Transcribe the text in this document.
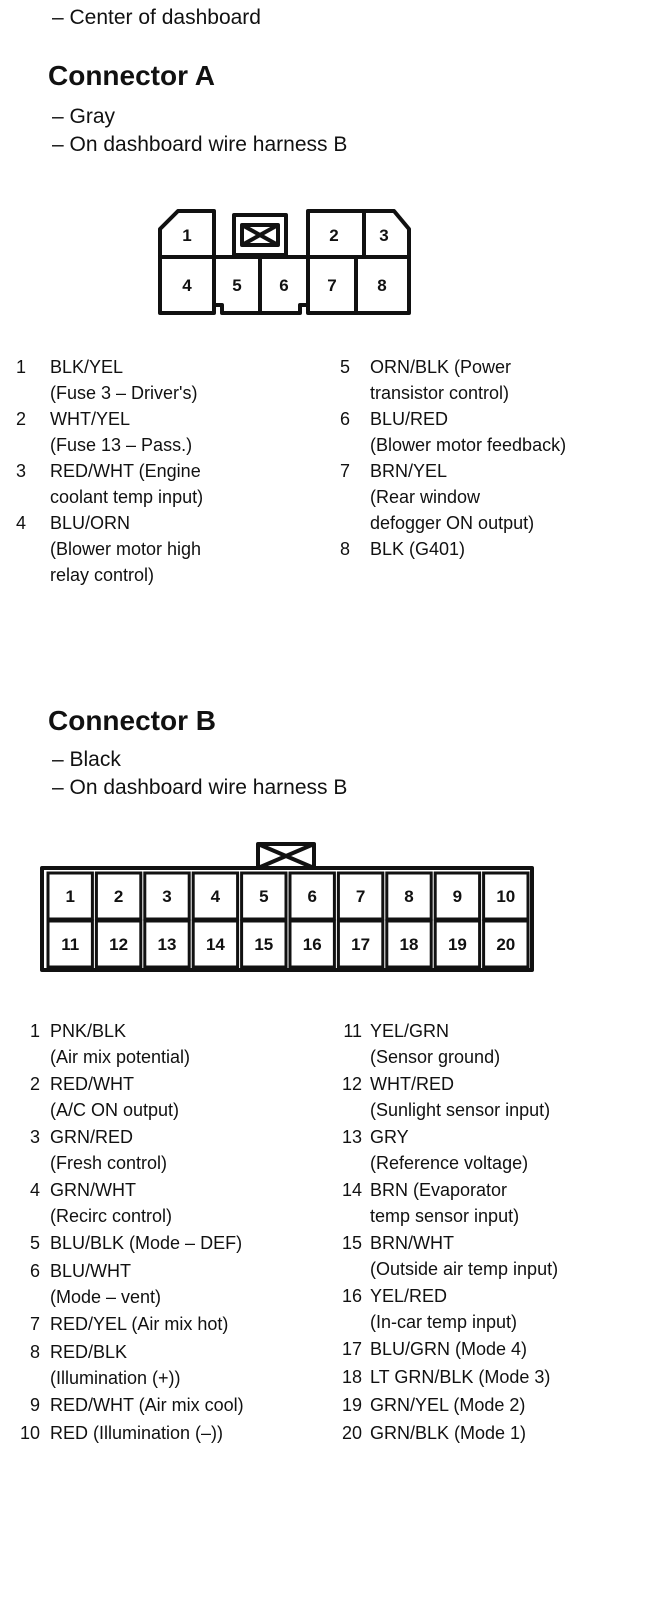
– Center of dashboard
Connector A
– Gray
– On dashboard wire harness B
1	2 3
4 5 6 7 8
1 BLK/YEL
(Fuse 3 – Driver's)
2 WHT/YEL
(Fuse 13 – Pass.)
3 RED/WHT (Engine
coolant temp input)
4 BLU/ORN
(Blower motor high
relay control)
5 ORN/BLK (Power
transistor control)
6 BLU/RED
(Blower motor feedback)
7 BRN/YEL
(Rear window
defogger ON output)
8 BLK (G401)
Connector B
– Black
– On dashboard wire harness B
1 2 3 4 5 6 7 8 9 10
11 12 13 14 15 16 17 18 19 20
1 PNK/BLK
(Air mix potential)
2 RED/WHT
(A/C ON output)
3 GRN/RED
(Fresh control)
4 GRN/WHT
(Recirc control)
5 BLU/BLK (Mode – DEF)
6 BLU/WHT
(Mode – vent)
7 RED/YEL (Air mix hot)
8 RED/BLK
(Illumination (+))
9 RED/WHT (Air mix cool)
10 RED (Illumination (–))
11 YEL/GRN
(Sensor ground)
12 WHT/RED
(Sunlight sensor input)
13 GRY
(Reference voltage)
14 BRN (Evaporator
temp sensor input)
15 BRN/WHT
(Outside air temp input)
16 YEL/RED
(In-car temp input)
17 BLU/GRN (Mode 4)
18 LT GRN/BLK (Mode 3)
19 GRN/YEL (Mode 2)
20 GRN/BLK (Mode 1)
